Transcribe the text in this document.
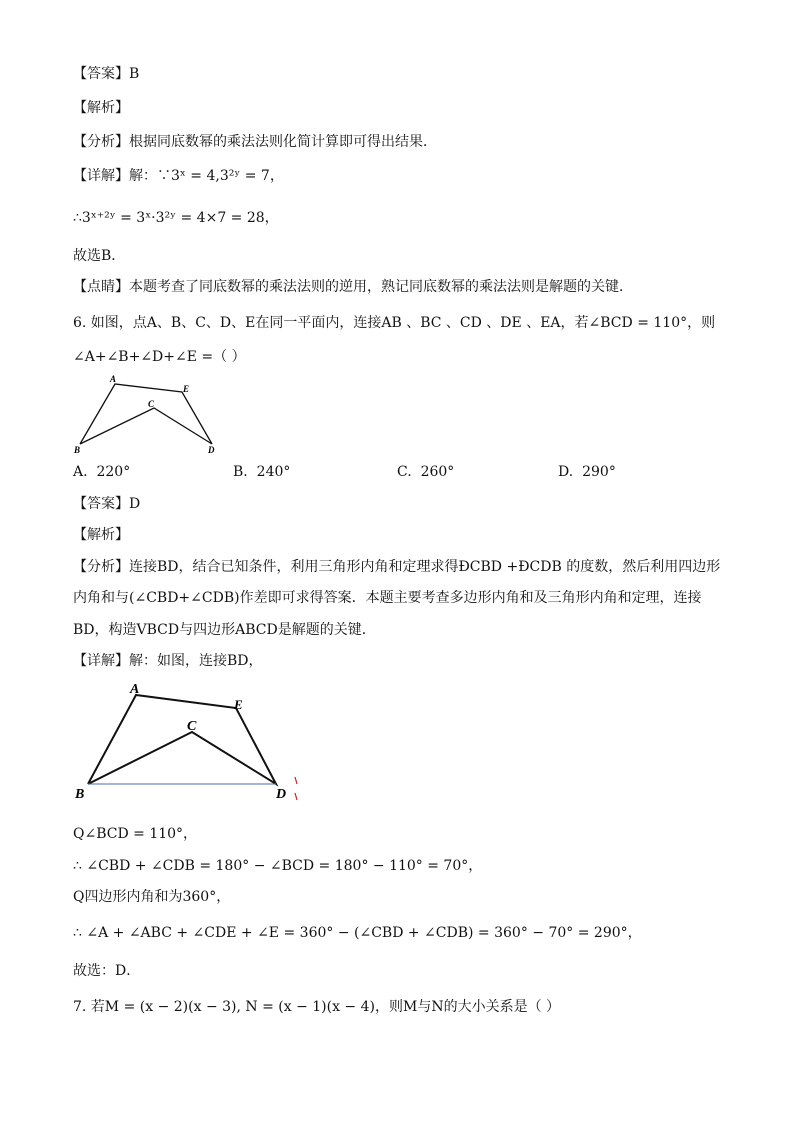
【答案】B
【解析】
【分析】根据同底数幂的乘法法则化简计算即可得出结果．
【详解】解：∵3ˣ = 4,3²ʸ = 7，
∴3ˣ⁺²ʸ = 3ˣ·3²ʸ = 4×7 = 28，
故选B．
【点睛】本题考查了同底数幂的乘法法则的逆用，熟记同底数幂的乘法法则是解题的关键．
6. 如图，点A、B、C、D、E在同一平面内，连接AB 、BC 、CD 、DE 、EA，若∠BCD = 110°，则
∠A+∠B+∠D+∠E =（ ）
A
E
C
B	D
A. 220°	B. 240°	C. 260°	D. 290°
【答案】D
【解析】
【分析】连接BD，结合已知条件，利用三角形内角和定理求得ÐCBD +ÐCDB 的度数，然后利用四边形
内角和与(∠CBD+∠CDB)作差即可求得答案．本题主要考查多边形内角和及三角形内角和定理，连接
BD，构造VBCD与四边形ABCD是解题的关键．
【详解】解：如图，连接BD，
A
E
C
B	D
Q∠BCD = 110°，
∴ ∠CBD + ∠CDB = 180° − ∠BCD = 180° − 110° = 70°，
Q四边形内角和为360°，
∴ ∠A + ∠ABC + ∠CDE + ∠E = 360° − (∠CBD + ∠CDB) = 360° − 70° = 290°，
故选：D．
7. 若M = (x − 2)(x − 3), N = (x − 1)(x − 4)，则M与N的大小关系是（ ）
